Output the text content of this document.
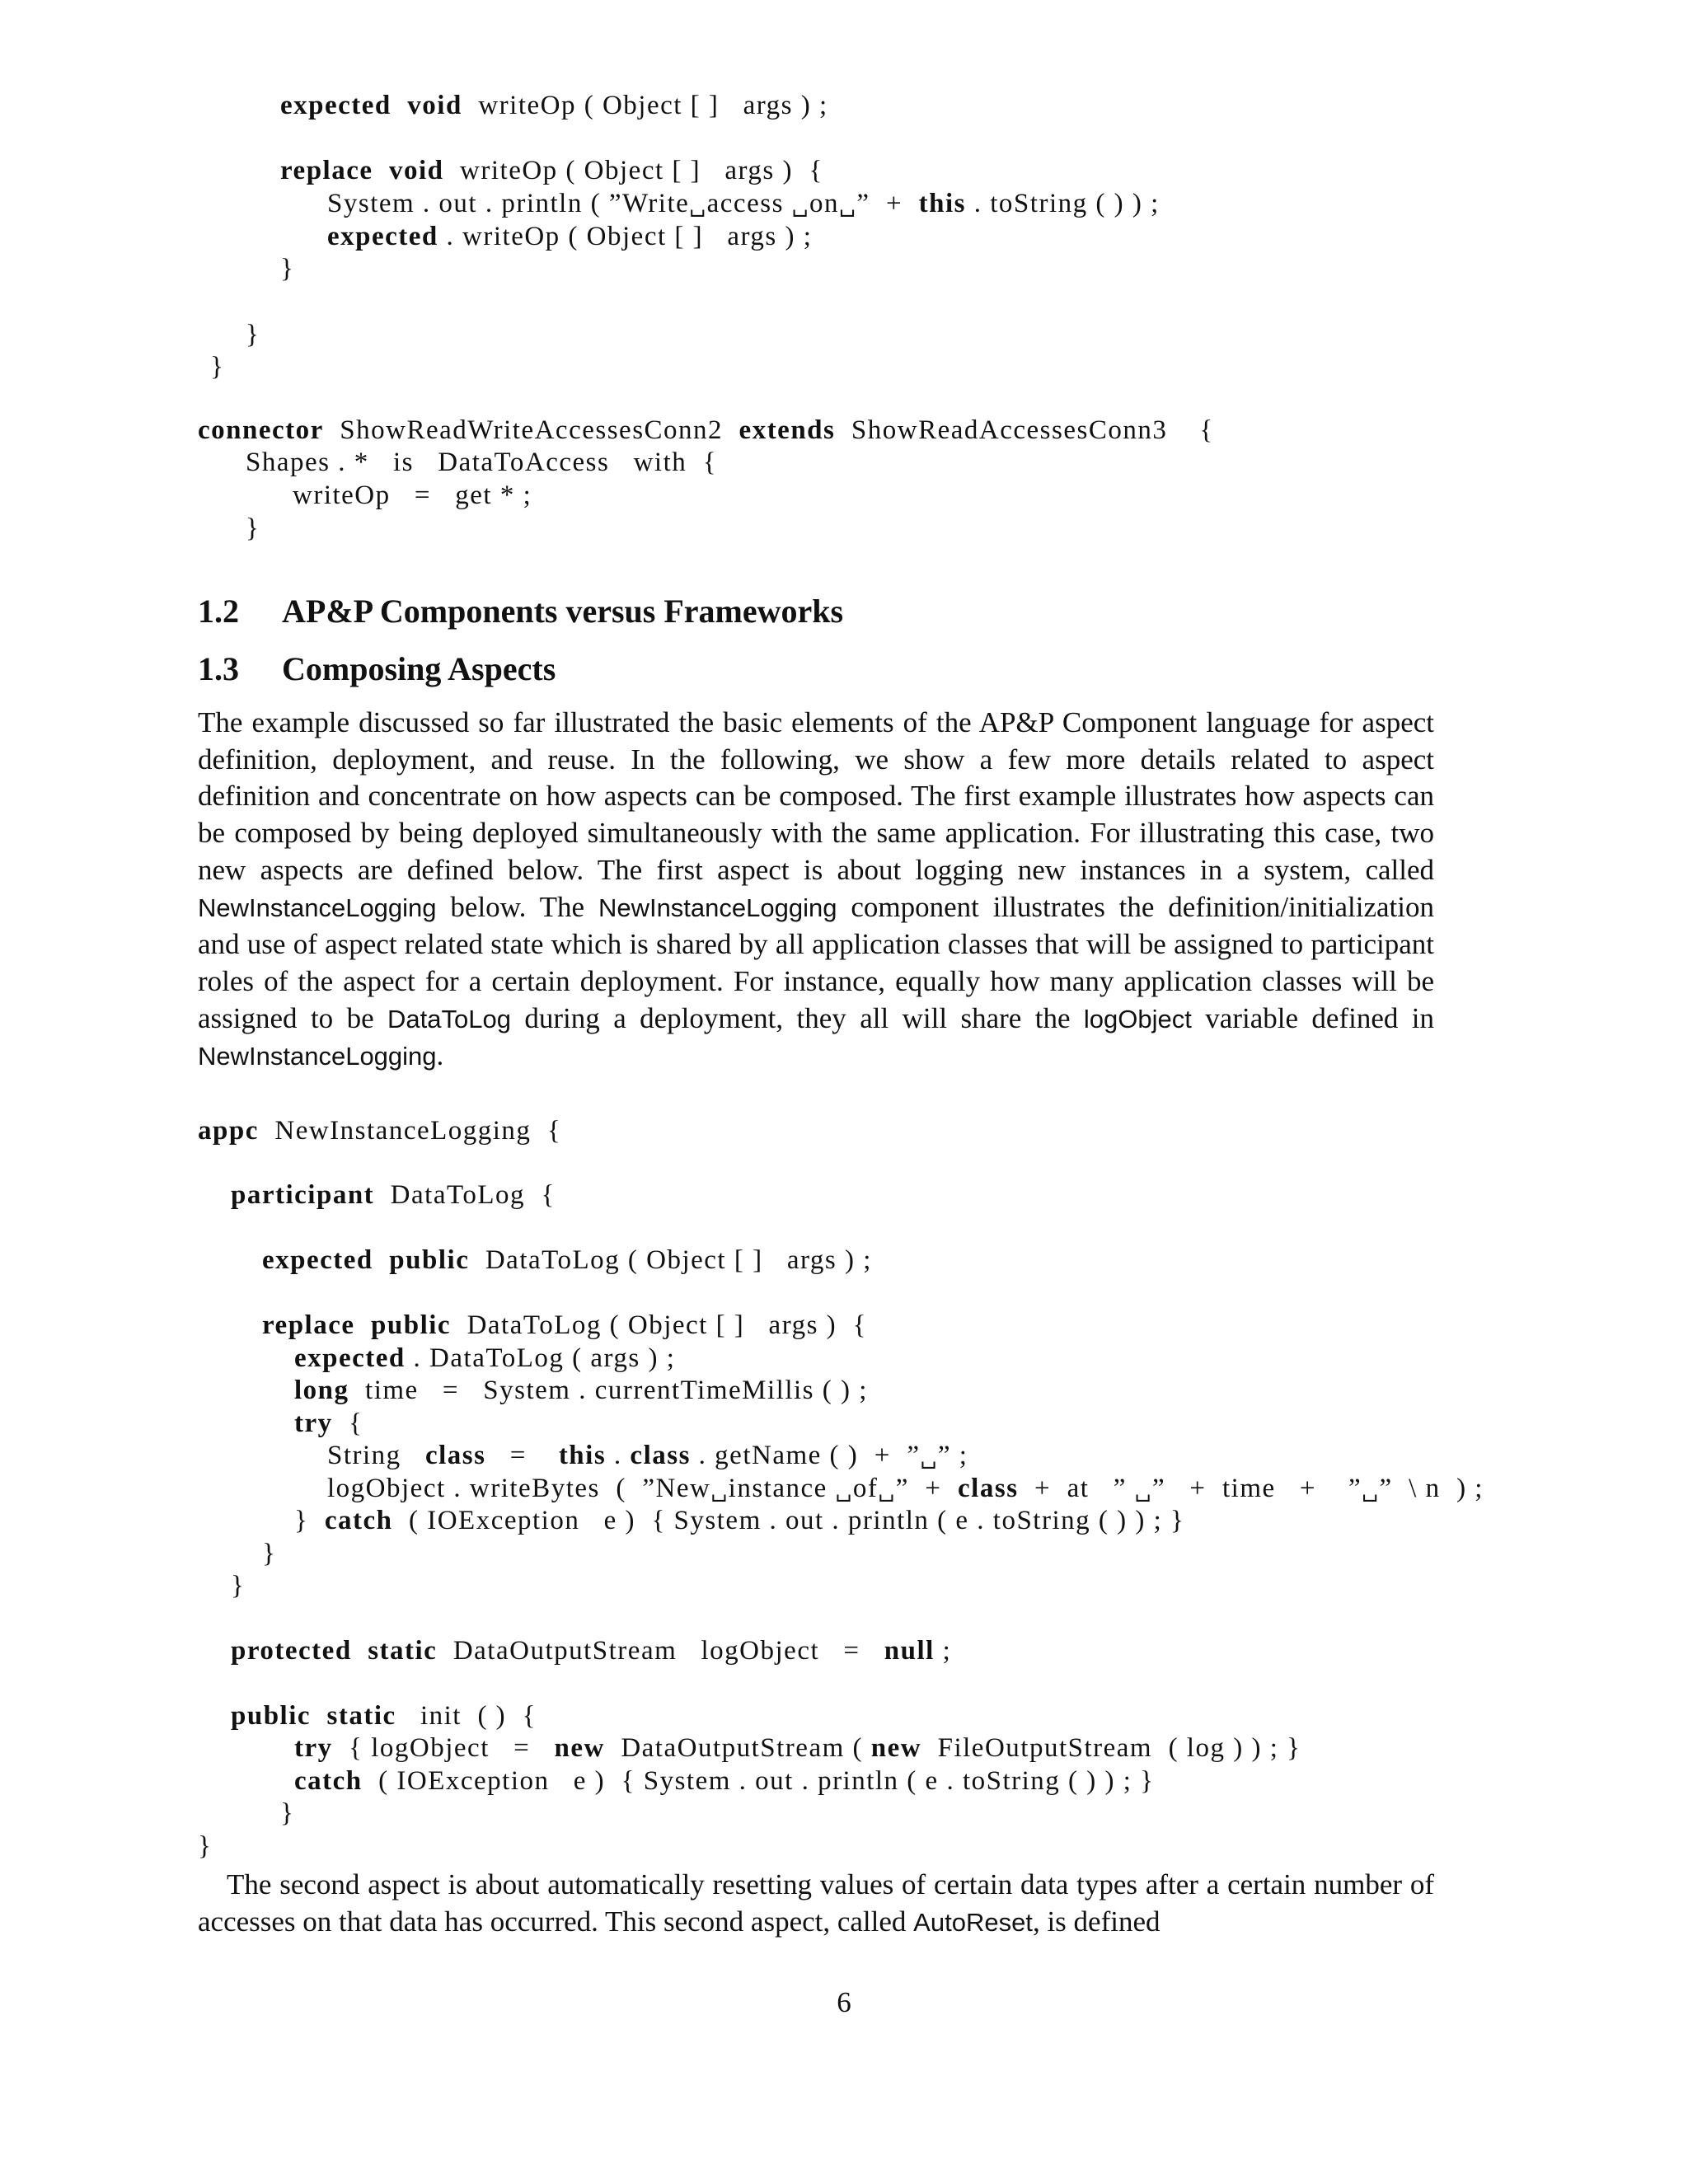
expected void  writeOp ( Object [ ]   args ) ;
replace void  writeOp ( Object [ ]   args )  {
System . out . println ( ”Write␣access ␣on␣”  +  this . toString ( ) ) ;
expected . writeOp ( Object [ ]   args ) ;
}
}
}
connector  ShowReadWriteAccessesConn2  extends  ShowReadAccessesConn3    {
Shapes . *   is   DataToAccess   with  {
writeOp   =   get * ;
}
1.2 AP&P Components versus Frameworks
1.3 Composing Aspects
The example discussed so far illustrated the basic elements of the AP&P Component language for aspect definition, deployment, and reuse. In the following, we show a few more details related to aspect definition and concentrate on how aspects can be composed. The first example illustrates how aspects can be composed by being deployed simultaneously with the same application. For illustrating this case, two new aspects are defined below. The first aspect is about logging new instances in a system, called NewInstanceLogging below. The NewInstanceLogging component illustrates the definition/initialization and use of aspect related state which is shared by all application classes that will be assigned to participant roles of the aspect for a certain deployment. For instance, equally how many application classes will be assigned to be DataToLog during a deployment, they all will share the logObject variable defined in NewInstanceLogging.
appc  NewInstanceLogging  {
participant  DataToLog  {
expected public  DataToLog ( Object [ ]   args ) ;
replace public  DataToLog ( Object [ ]   args )  {
expected . DataToLog ( args ) ;
long  time   =   System . currentTimeMillis ( ) ;
try  {
String   class   =    this . class . getName ( )  +  ”␣” ;
logObject . writeBytes  (  ”New␣instance ␣of␣”  +  class  +  at   ” ␣”   +  time   +    ”␣”  \ n  ) ;
}  catch  ( IOException   e )  { System . out . println ( e . toString ( ) ) ; }
}
}
protected static  DataOutputStream   logObject   =   null ;
public static   init  ( )  {
try  { logObject   =   new  DataOutputStream ( new  FileOutputStream  ( log ) ) ; }
catch  ( IOException   e )  { System . out . println ( e . toString ( ) ) ; }
}
}
 The second aspect is about automatically resetting values of certain data types after a certain number of accesses on that data has occurred. This second aspect, called AutoReset, is defined
6
